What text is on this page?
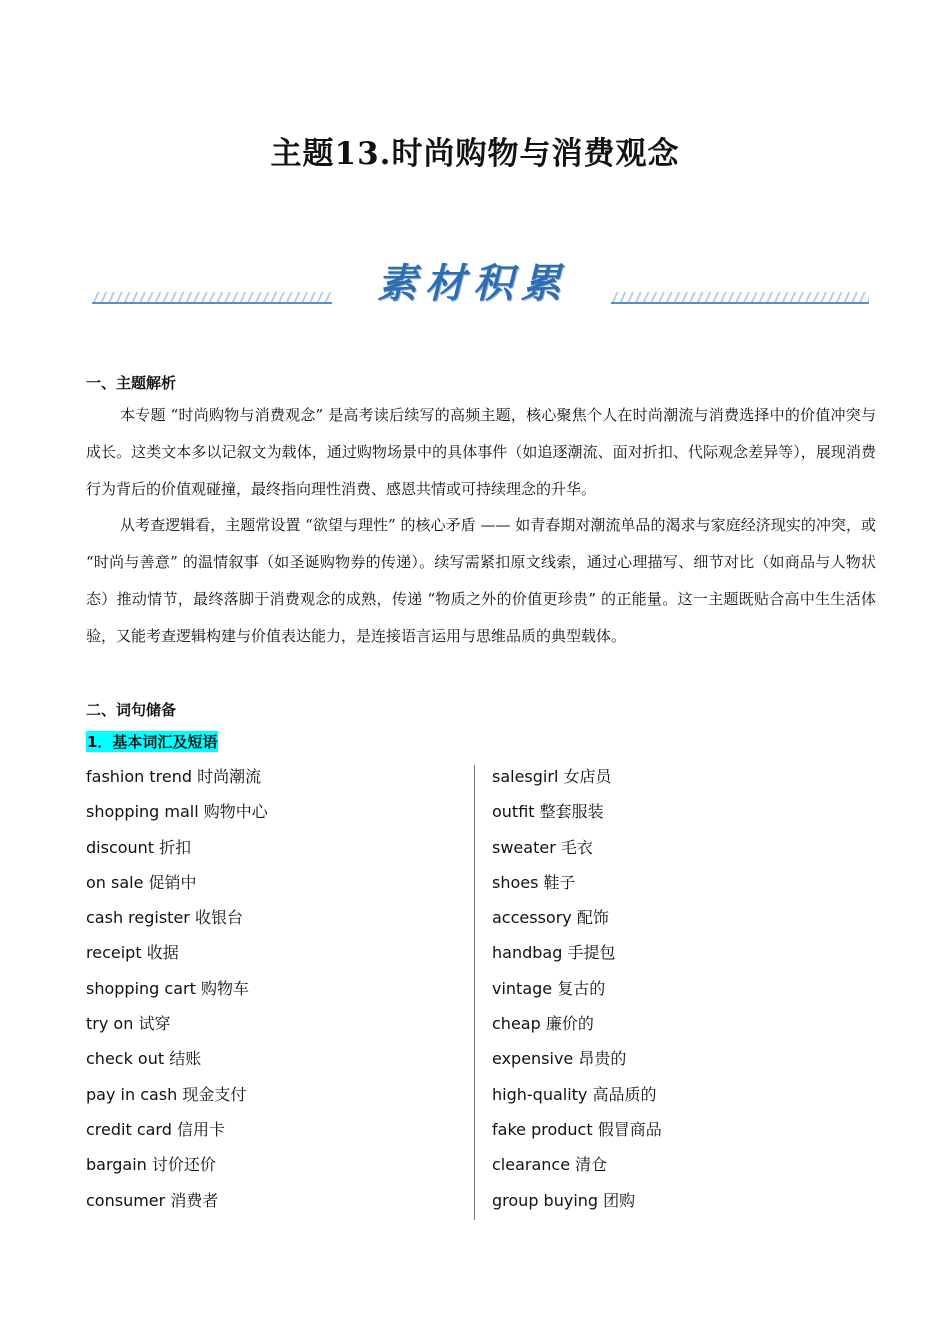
主题13.时尚购物与消费观念
素材积累
一、主题解析
本专题 “时尚购物与消费观念” 是高考读后续写的高频主题，核心聚焦个人在时尚潮流与消费选择中的价值冲突与成长。这类文本多以记叙文为载体，通过购物场景中的具体事件（如追逐潮流、面对折扣、代际观念差异等），展现消费行为背后的价值观碰撞，最终指向理性消费、感恩共情或可持续理念的升华。
从考查逻辑看，主题常设置 “欲望与理性” 的核心矛盾 —— 如青春期对潮流单品的渴求与家庭经济现实的冲突，或 “时尚与善意” 的温情叙事（如圣诞购物券的传递）。续写需紧扣原文线索，通过心理描写、细节对比（如商品与人物状态）推动情节，最终落脚于消费观念的成熟，传递 “物质之外的价值更珍贵” 的正能量。这一主题既贴合高中生生活体验，又能考查逻辑构建与价值表达能力，是连接语言运用与思维品质的典型载体。
二、词句储备
1．基本词汇及短语
fashion trend 时尚潮流
shopping mall 购物中心
discount 折扣
on sale 促销中
cash register 收银台
receipt 收据
shopping cart 购物车
try on 试穿
check out 结账
pay in cash 现金支付
credit card 信用卡
bargain 讨价还价
consumer 消费者
salesgirl 女店员
outfit 整套服装
sweater 毛衣
shoes 鞋子
accessory 配饰
handbag 手提包
vintage 复古的
cheap 廉价的
expensive 昂贵的
high-quality 高品质的
fake product 假冒商品
clearance 清仓
group buying 团购
